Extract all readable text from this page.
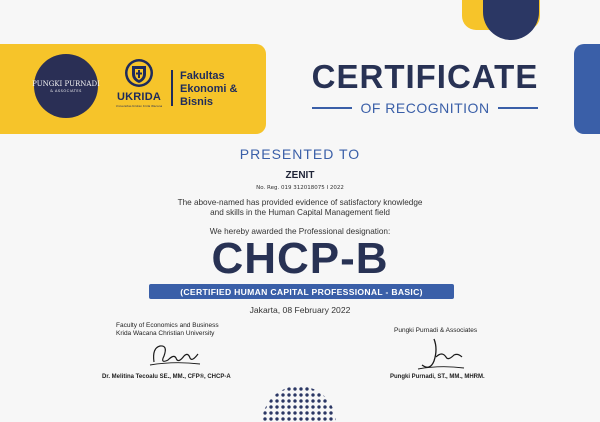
PUNGKI PURNADI
& ASSOCIATES
UKRIDA
Universitas Kristen Krida Wacana
Fakultas
Ekonomi &
Bisnis
CERTIFICATE
OF RECOGNITION
PRESENTED TO
ZENIT
No. Reg. 019 312018075 I 2022
The above-named has provided evidence of satisfactory knowledge
and skills in the Human Capital Management field
We hereby awarded the Professional designation:
CHCP-B
(CERTIFIED HUMAN CAPITAL PROFESSIONAL - BASIC)
Jakarta, 08 February 2022
Faculty of Economics and Business
Krida Wacana Christian University
Dr. Melitina Tecoalu SE., MM., CFP®, CHCP-A
Pungki Purnadi & Associates
Pungki Purnadi, ST., MM., MHRM.
